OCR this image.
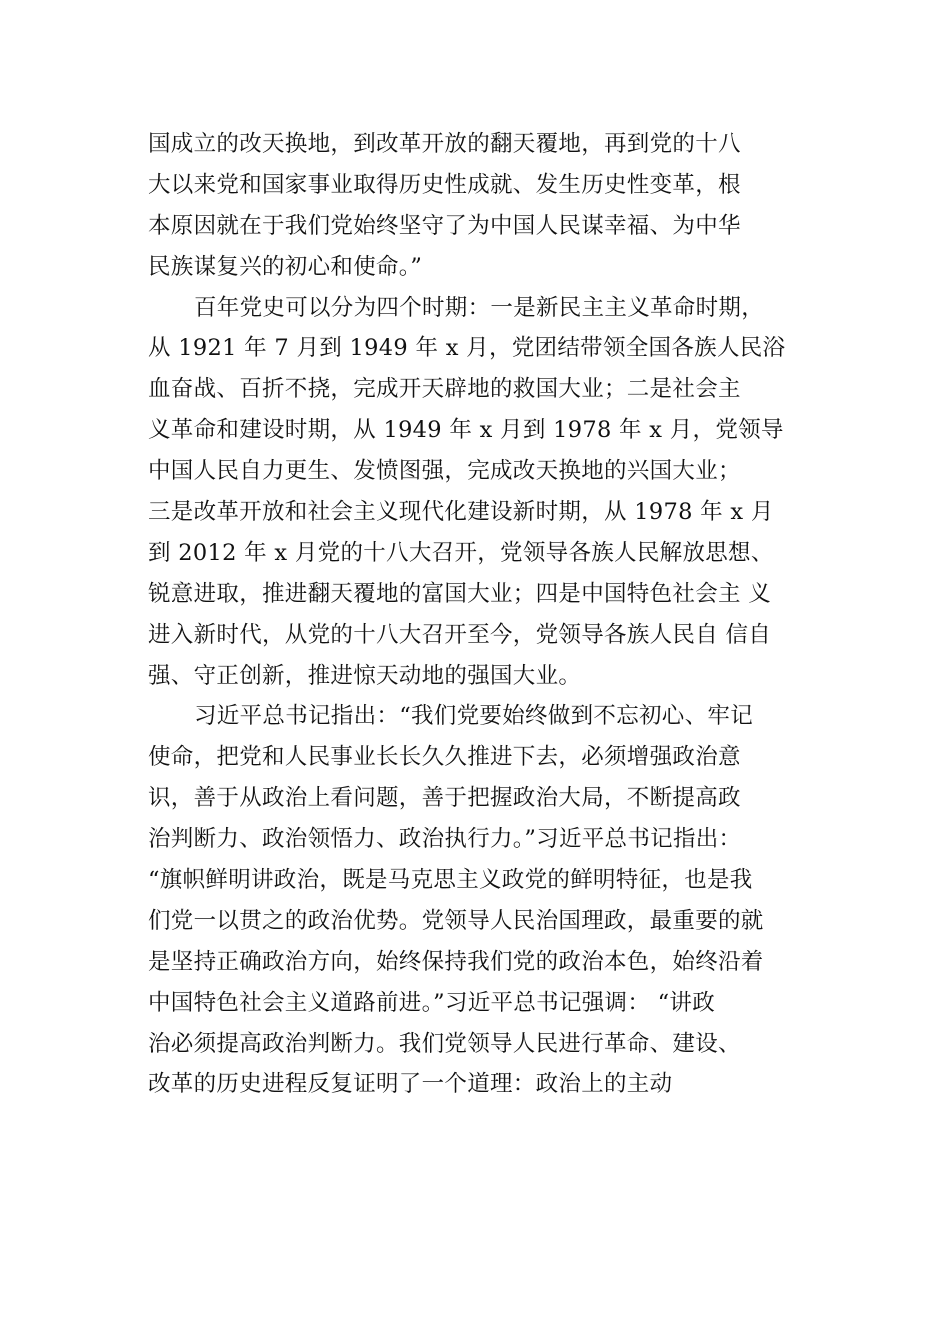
国成立的改天换地，到改革开放的翻天覆地，再到党的十八
大以来党和国家事业取得历史性成就、发生历史性变革，根
本原因就在于我们党始终坚守了为中国人民谋幸福、为中华
民族谋复兴的初心和使命。”
百年党史可以分为四个时期：一是新民主主义革命时期，
从 1921 年 7 月到 1949 年 x 月，党团结带领全国各族人民浴
血奋战、百折不挠，完成开天辟地的救国大业；二是社会主
义革命和建设时期，从 1949 年 x 月到 1978 年 x 月，党领导
中国人民自力更生、发愤图强，完成改天换地的兴国大业；
三是改革开放和社会主义现代化建设新时期，从 1978 年 x 月
到 2012 年 x 月党的十八大召开，党领导各族人民解放思想、
锐意进取，推进翻天覆地的富国大业；四是中国特色社会主 义
进入新时代，从党的十八大召开至今，党领导各族人民自 信自
强、守正创新，推进惊天动地的强国大业。
习近平总书记指出：“我们党要始终做到不忘初心、牢记
使命，把党和人民事业长长久久推进下去，必须增强政治意
识，善于从政治上看问题，善于把握政治大局，不断提高政
治判断力、政治领悟力、政治执行力。”习近平总书记指出：
“旗帜鲜明讲政治，既是马克思主义政党的鲜明特征，也是我
们党一以贯之的政治优势。党领导人民治国理政，最重要的就
是坚持正确政治方向，始终保持我们党的政治本色，始终沿着
中国特色社会主义道路前进。”习近平总书记强调： “讲政
治必须提高政治判断力。我们党领导人民进行革命、建设、
改革的历史进程反复证明了一个道理：政治上的主动
